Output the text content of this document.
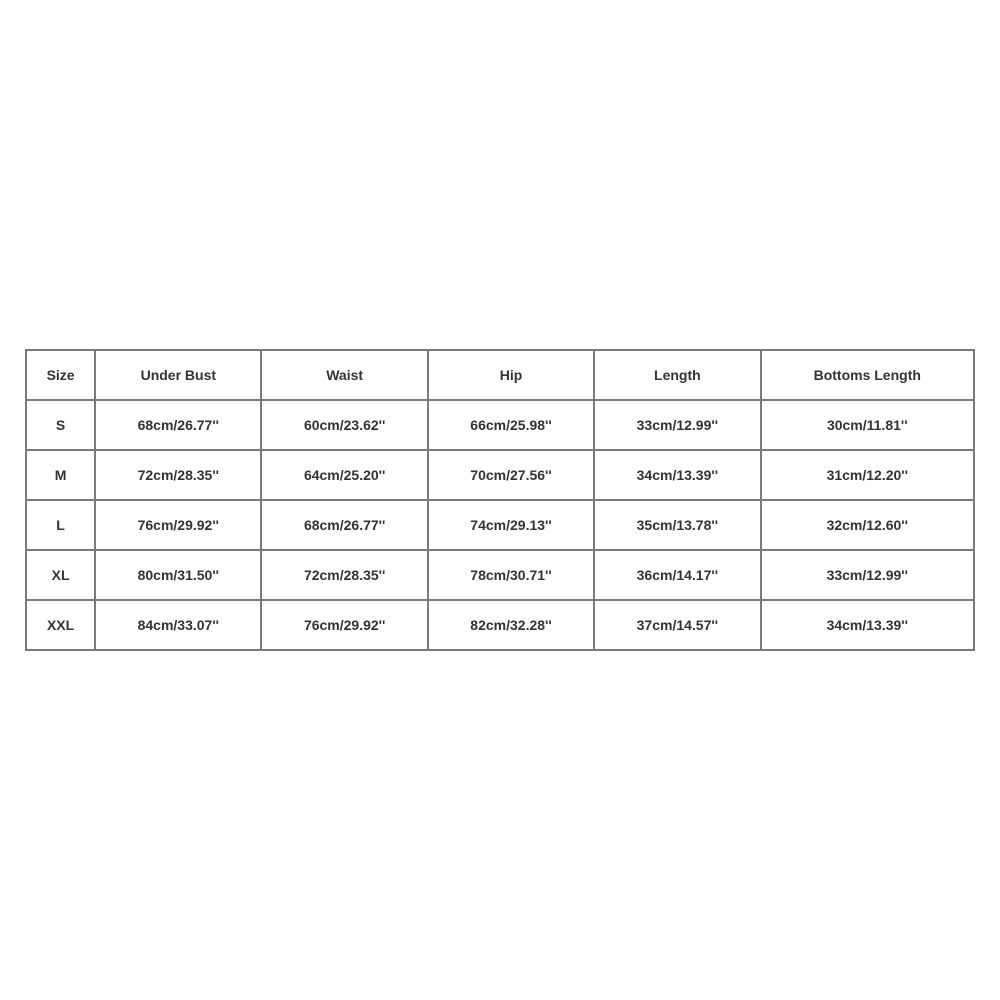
Size	Under Bust	Waist	Hip	Length	Bottoms Length
S	68cm/26.77''	60cm/23.62''	66cm/25.98''	33cm/12.99''	30cm/11.81''
M	72cm/28.35''	64cm/25.20''	70cm/27.56''	34cm/13.39''	31cm/12.20''
L	76cm/29.92''	68cm/26.77''	74cm/29.13''	35cm/13.78''	32cm/12.60''
XL	80cm/31.50''	72cm/28.35''	78cm/30.71''	36cm/14.17''	33cm/12.99''
XXL	84cm/33.07''	76cm/29.92''	82cm/32.28''	37cm/14.57''	34cm/13.39''
